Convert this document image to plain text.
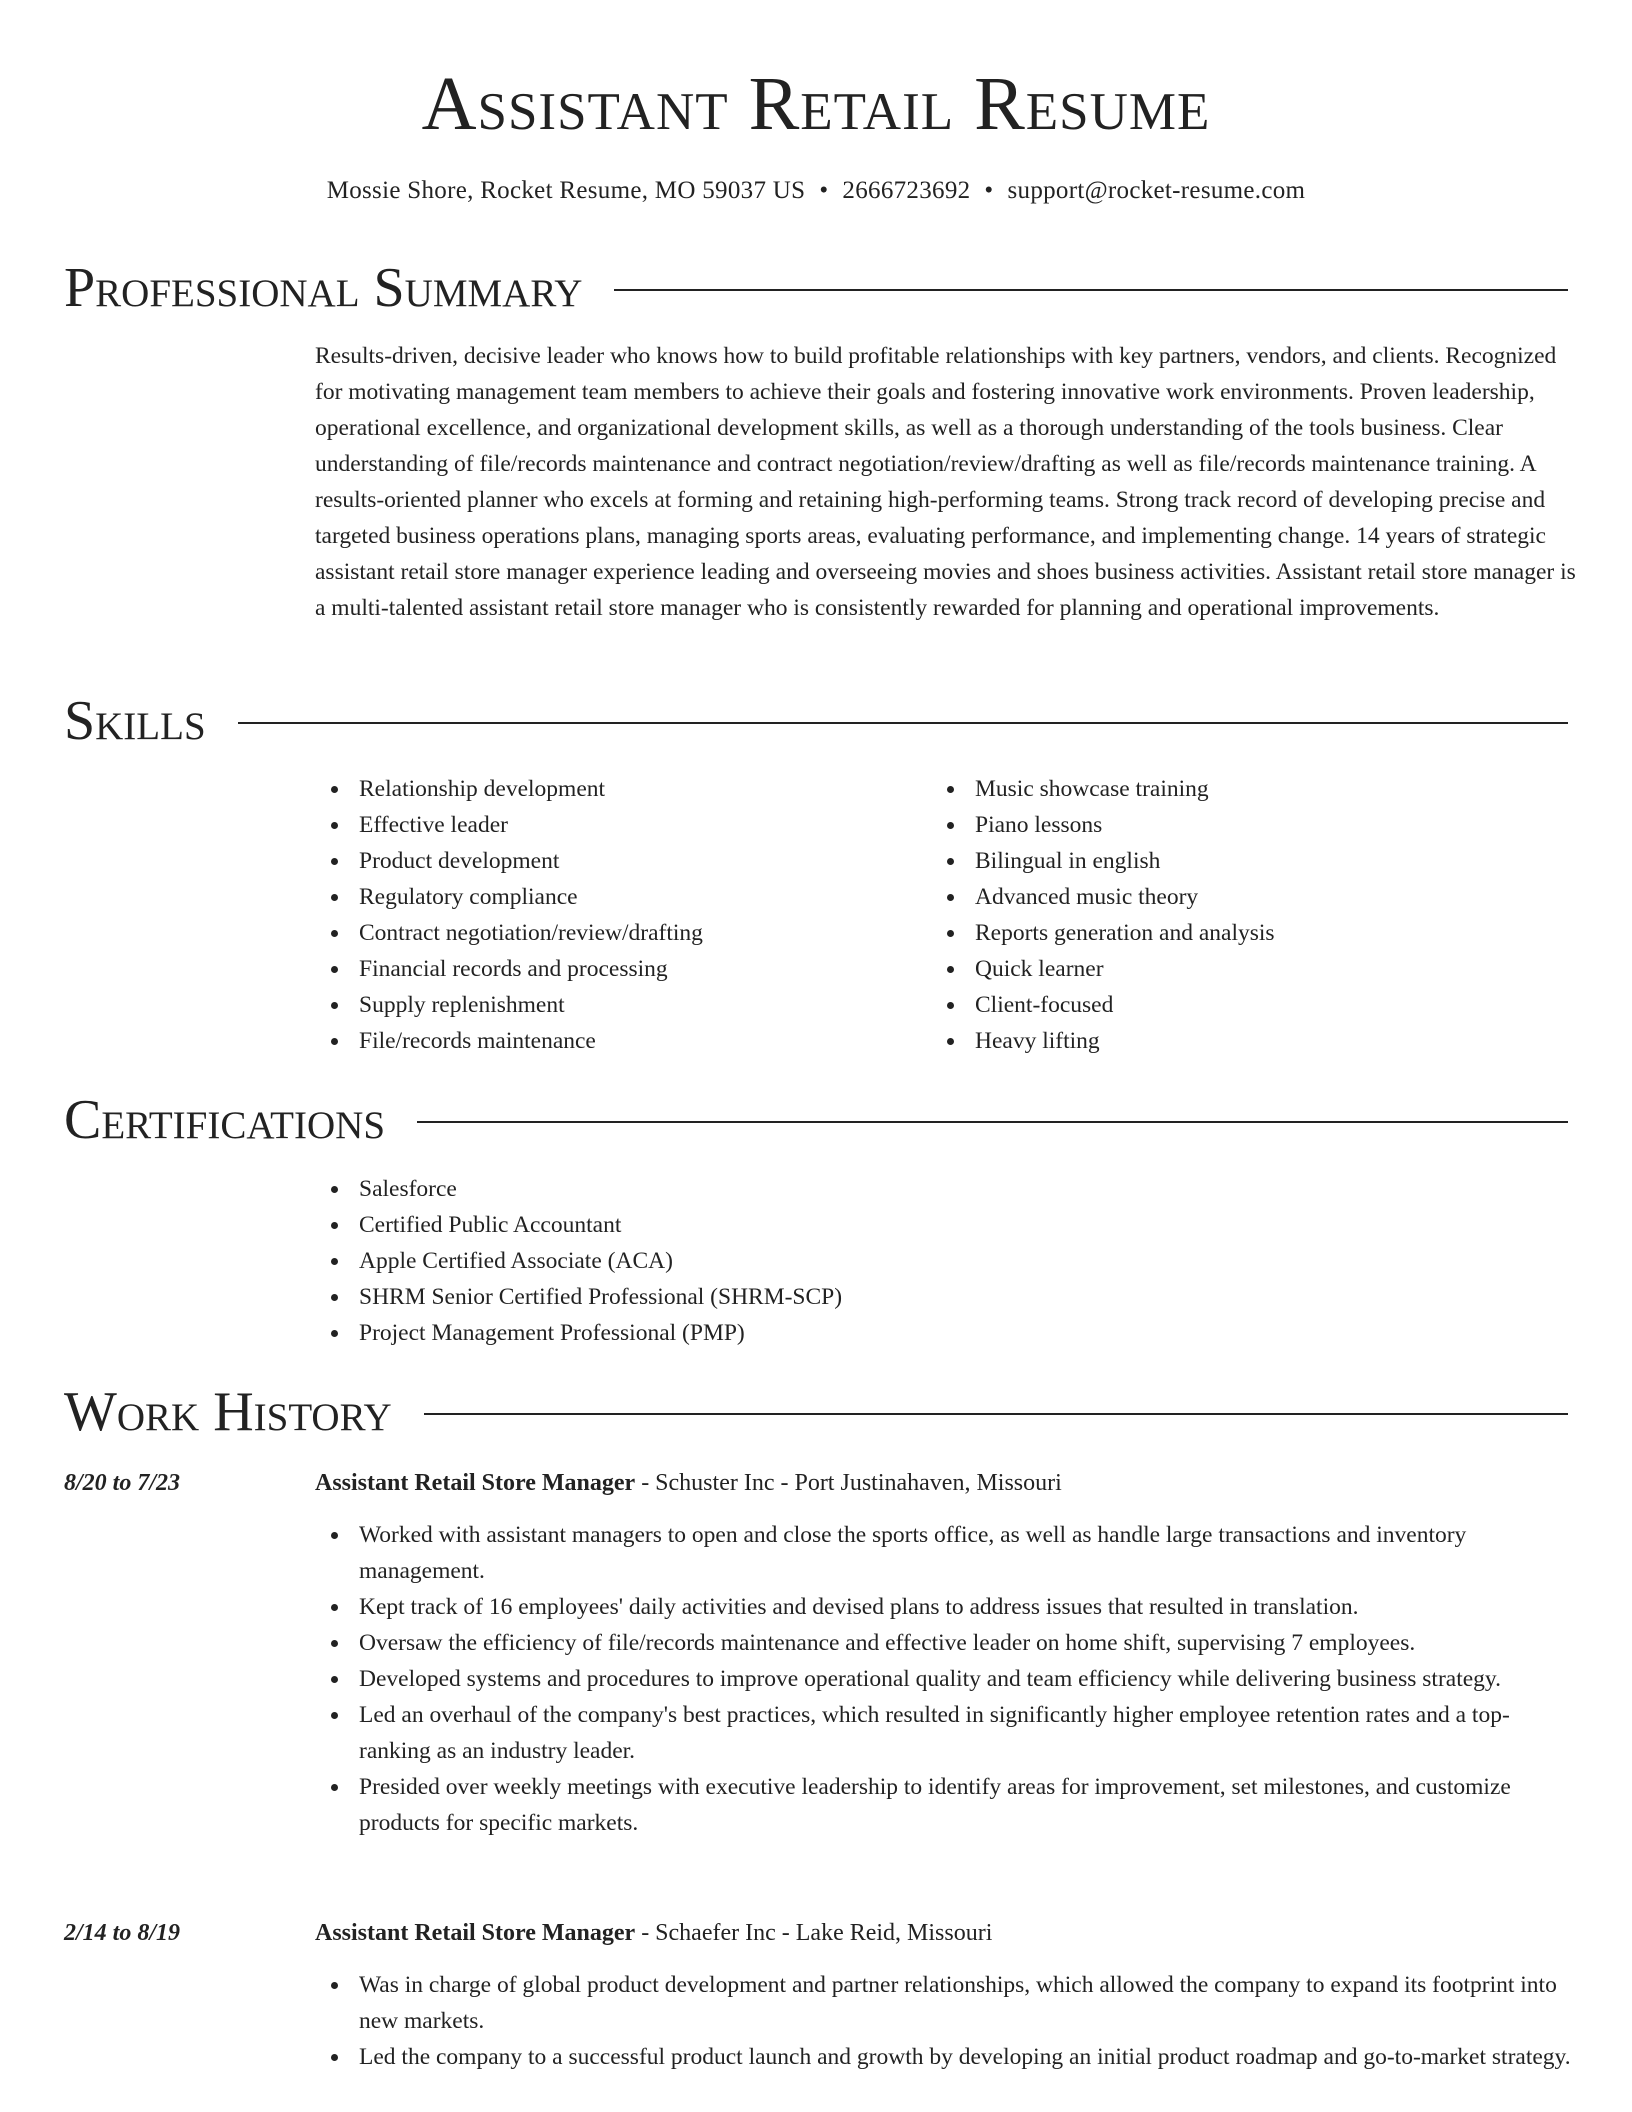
Assistant Retail Resume
Mossie Shore, Rocket Resume, MO 59037 US • 2666723692 • support@rocket-resume.com
Professional Summary

Results-driven, decisive leader who knows how to build profitable relationships with key partners, vendors, and clients. Recognized for motivating management team members to achieve their goals and fostering innovative work environments. Proven leadership, operational excellence, and organizational development skills, as well as a thorough understanding of the tools business. Clear understanding of file/records maintenance and contract negotiation/review/drafting as well as file/records maintenance training. A results-oriented planner who excels at forming and retaining high-performing teams. Strong track record of developing precise and targeted business operations plans, managing sports areas, evaluating performance, and implementing change. 14 years of strategic assistant retail store manager experience leading and overseeing movies and shoes business activities. Assistant retail store manager is a multi-talented assistant retail store manager who is consistently rewarded for planning and operational improvements.

Skills
Relationship development
Effective leader
Product development
Regulatory compliance
Contract negotiation/review/drafting
Financial records and processing
Supply replenishment
File/records maintenance
Music showcase training
Piano lessons
Bilingual in english
Advanced music theory
Reports generation and analysis
Quick learner
Client-focused
Heavy lifting
Certifications
Salesforce
Certified Public Accountant
Apple Certified Associate (ACA)
SHRM Senior Certified Professional (SHRM-SCP)
Project Management Professional (PMP)
Work History
8/20 to 7/23	Assistant Retail Store Manager - Schuster Inc - Port Justinahaven, Missouri
Worked with assistant managers to open and close the sports office, as well as handle large transactions and inventory management.
Kept track of 16 employees' daily activities and devised plans to address issues that resulted in translation.
Oversaw the efficiency of file/records maintenance and effective leader on home shift, supervising 7 employees.
Developed systems and procedures to improve operational quality and team efficiency while delivering business strategy.
Led an overhaul of the company's best practices, which resulted in significantly higher employee retention rates and a top-ranking as an industry leader.
Presided over weekly meetings with executive leadership to identify areas for improvement, set milestones, and customize products for specific markets.
2/14 to 8/19	Assistant Retail Store Manager - Schaefer Inc - Lake Reid, Missouri
Was in charge of global product development and partner relationships, which allowed the company to expand its footprint into new markets.
Led the company to a successful product launch and growth by developing an initial product roadmap and go-to-market strategy.
